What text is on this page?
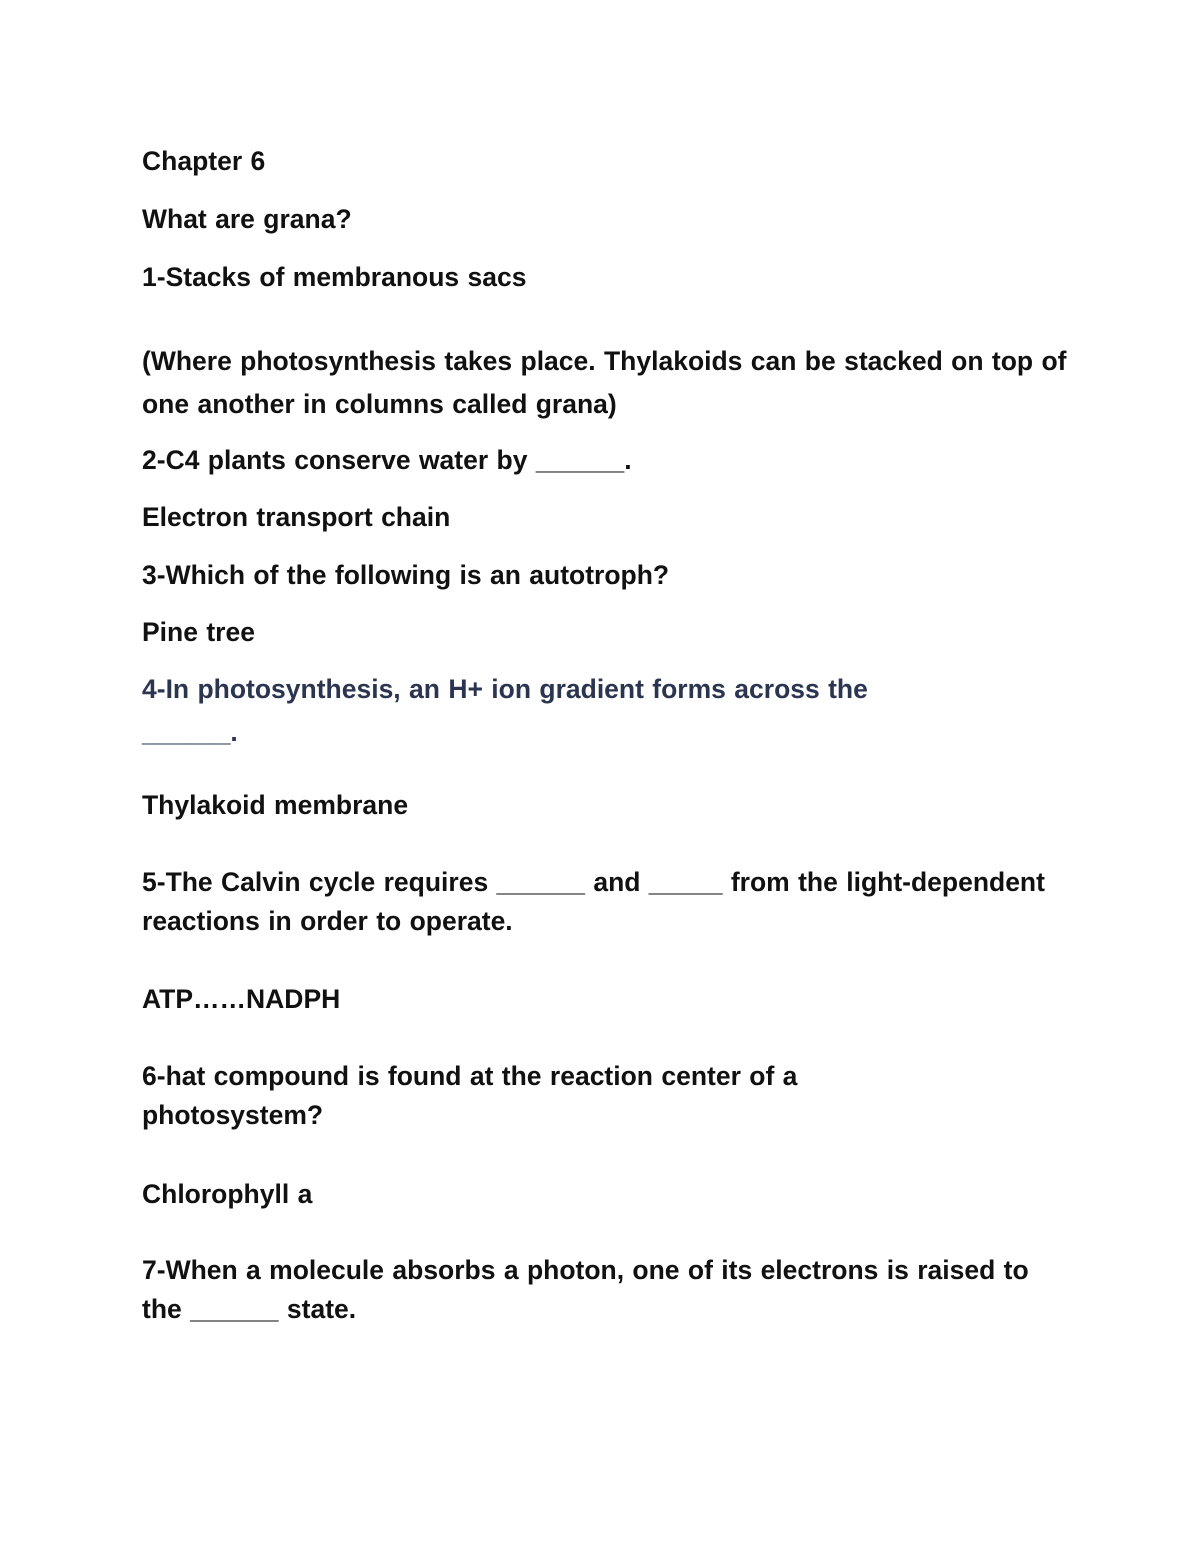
Chapter 6

What are grana?

1-Stacks of membranous sacs

(Where photosynthesis takes place. Thylakoids can be stacked on top of one another in columns called grana)

2-C4 plants conserve water by ______.

Electron transport chain

3-Which of the following is an autotroph?

Pine tree

4-In photosynthesis, an H+ ion gradient forms across the

______.

Thylakoid membrane

5-The Calvin cycle requires ______ and _____ from the light-dependent reactions in order to operate.

ATP……NADPH

6-hat compound is found at the reaction center of a photosystem?

Chlorophyll a

7-When a molecule absorbs a photon, one of its electrons is raised to the ______ state.
